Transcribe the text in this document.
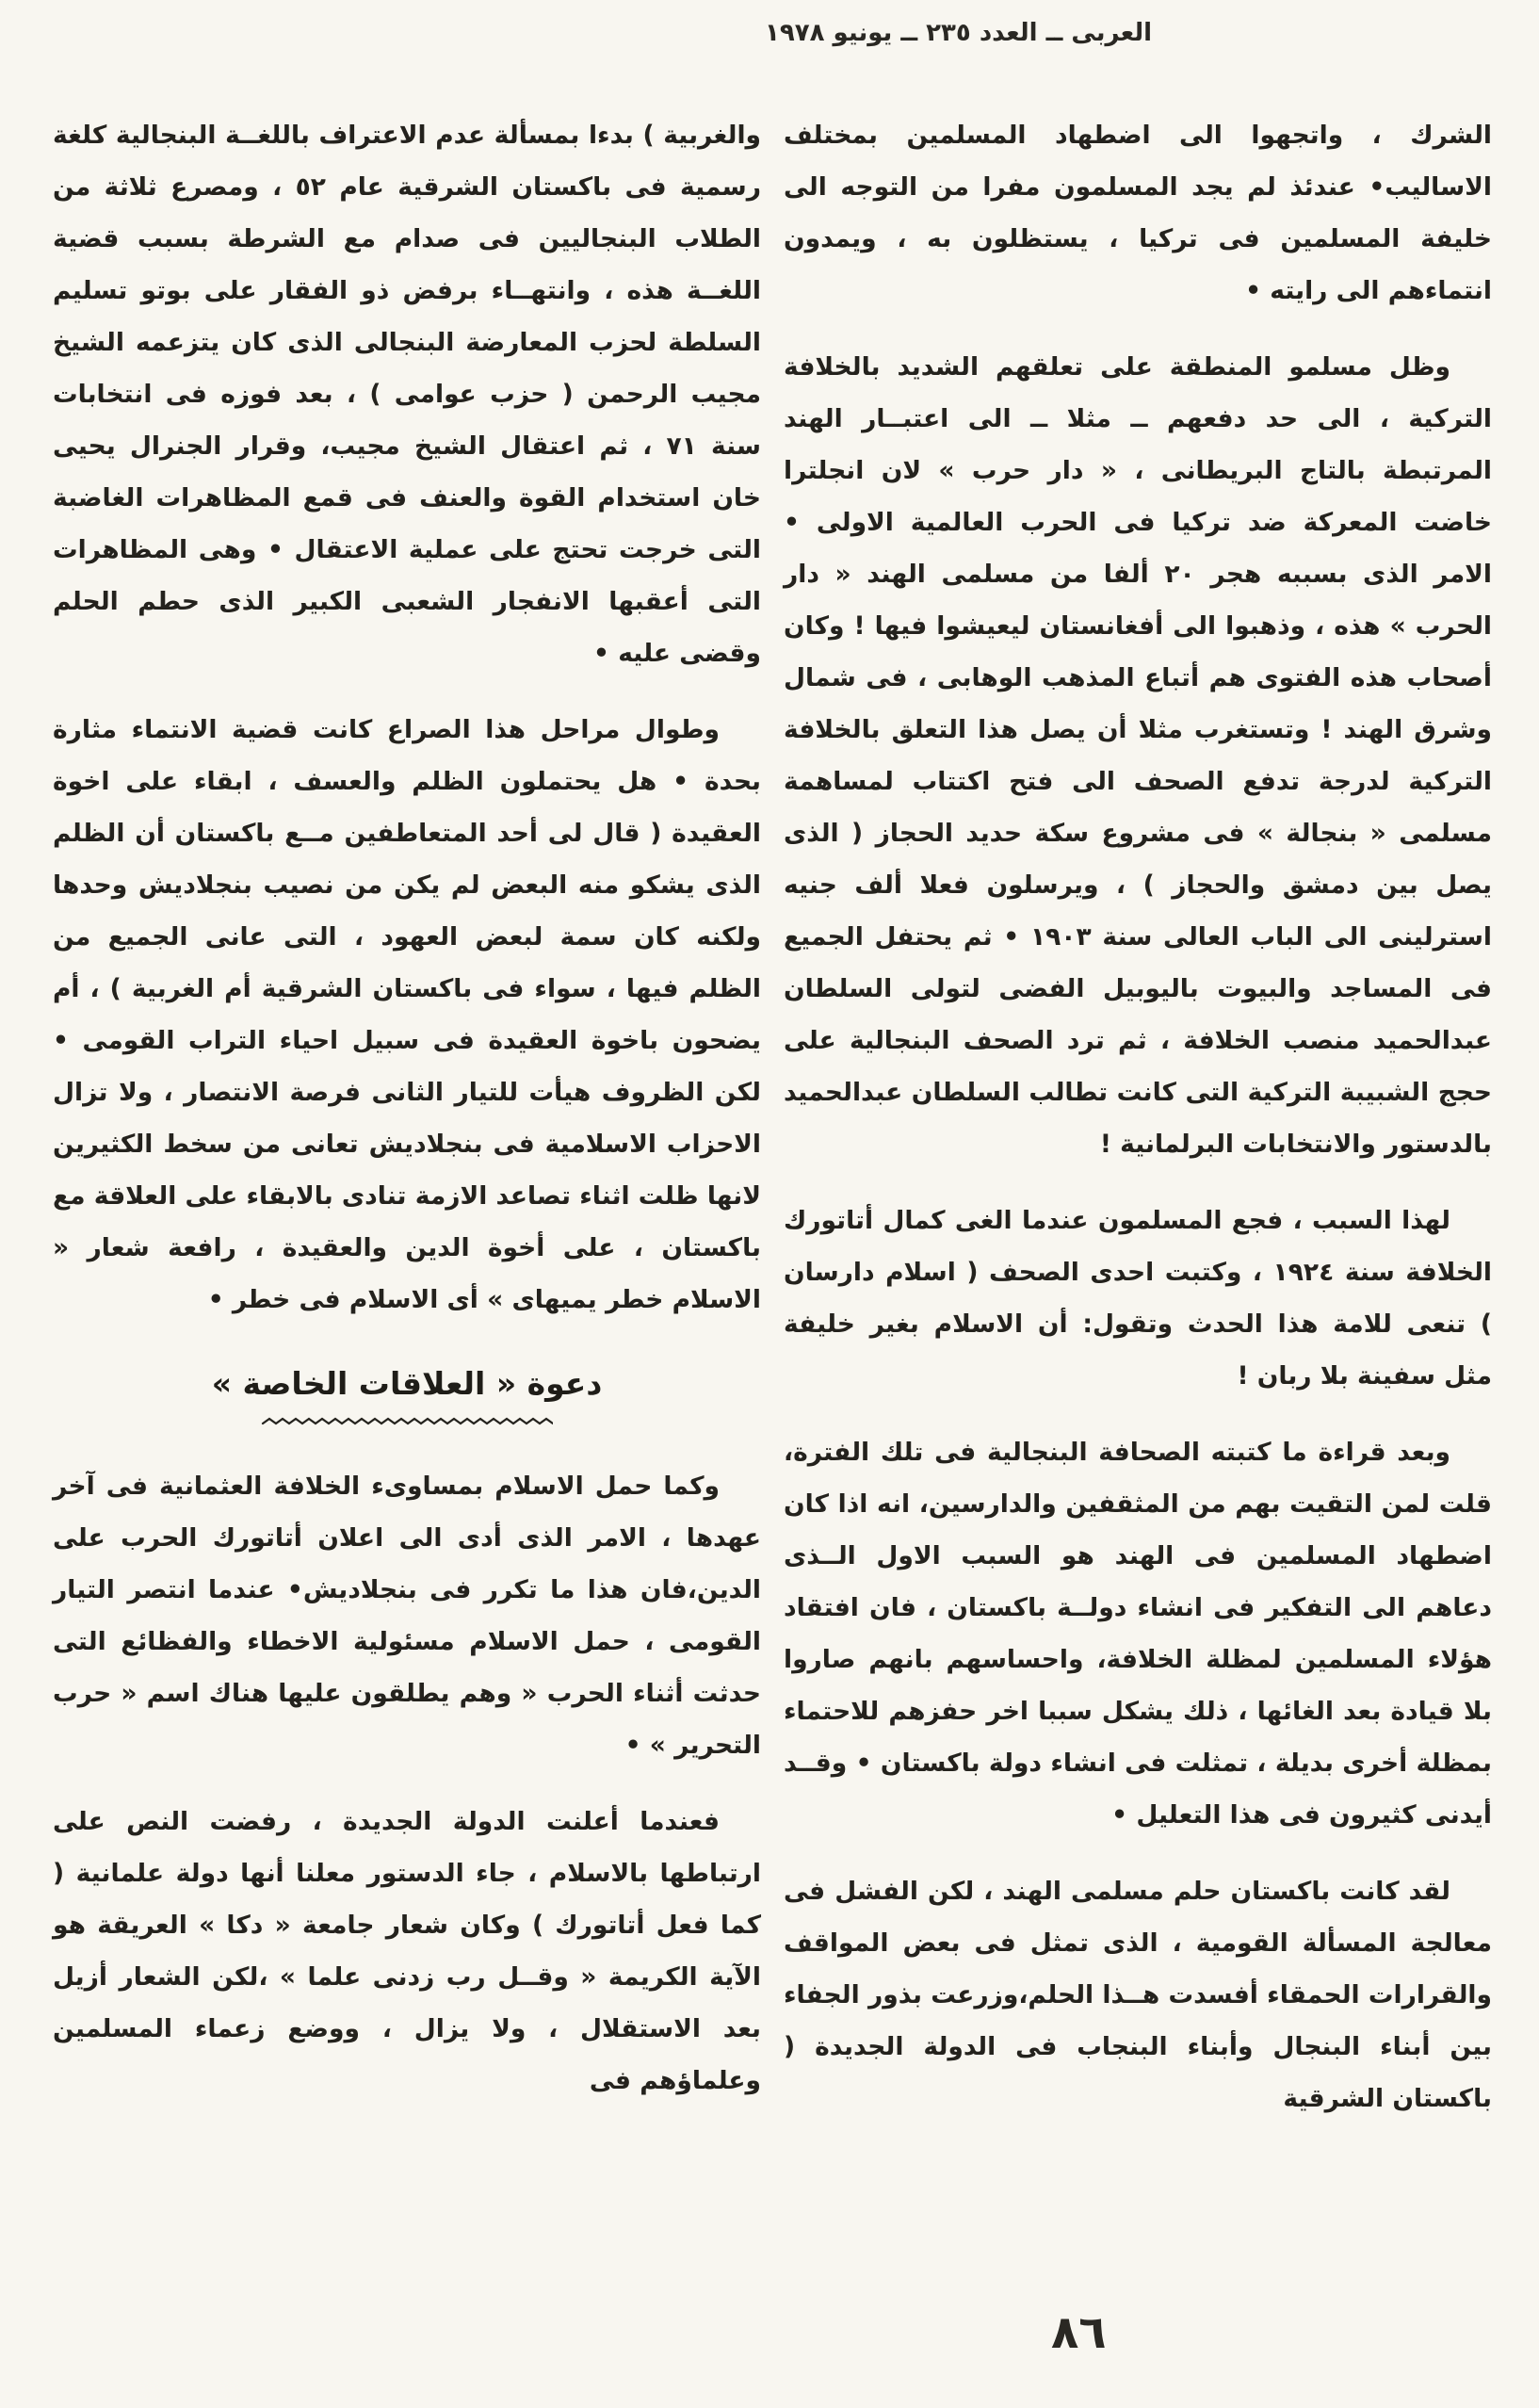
العربى ــ العدد ٢٣٥ ــ يونيو ١٩٧٨

الشرك ، واتجهوا الى اضطهاد المسلمين بمختلف الاساليب• عندئذ لم يجد المسلمون مفرا من التوجه الى خليفة المسلمين فى تركيا ، يستظلون به ، ويمدون انتماءهم الى رايته •

وظل مسلمو المنطقة على تعلقهم الشديد بالخلافة التركية ، الى حد دفعهم ــ مثلا ــ الى اعتبــار الهند المرتبطة بالتاج البريطانى ، « دار حرب » لان انجلترا خاضت المعركة ضد تركيا فى الحرب العالمية الاولى • الامر الذى بسببه هجر ٢٠ ألفا من مسلمى الهند « دار الحرب » هذه ، وذهبوا الى أفغانستان ليعيشوا فيها ! وكان أصحاب هذه الفتوى هم أتباع المذهب الوهابى ، فى شمال وشرق الهند ! وتستغرب مثلا أن يصل هذا التعلق بالخلافة التركية لدرجة تدفع الصحف الى فتح اكتتاب لمساهمة مسلمى « بنجالة » فى مشروع سكة حديد الحجاز ( الذى يصل بين دمشق والحجاز ) ، ويرسلون فعلا ألف جنيه استرلينى الى الباب العالى سنة ١٩٠٣ • ثم يحتفل الجميع فى المساجد والبيوت باليوبيل الفضى لتولى السلطان عبدالحميد منصب الخلافة ، ثم ترد الصحف البنجالية على حجج الشبيبة التركية التى كانت تطالب السلطان عبدالحميد بالدستور والانتخابات البرلمانية !

لهذا السبب ، فجع المسلمون عندما الغى كمال أتاتورك الخلافة سنة ١٩٢٤ ، وكتبت احدى الصحف ( اسلام دارسان ) تنعى للامة هذا الحدث وتقول: أن الاسلام بغير خليفة مثل سفينة بلا ربان !

وبعد قراءة ما كتبته الصحافة البنجالية فى تلك الفترة، قلت لمن التقيت بهم من المثقفين والدارسين، انه اذا كان اضطهاد المسلمين فى الهند هو السبب الاول الــذى دعاهم الى التفكير فى انشاء دولــة باكستان ، فان افتقاد هؤلاء المسلمين لمظلة الخلافة، واحساسهم بانهم صاروا بلا قيادة بعد الغائها ، ذلك يشكل سببا اخر حفزهم للاحتماء بمظلة أخرى بديلة ، تمثلت فى انشاء دولة باكستان • وقــد أيدنى كثيرون فى هذا التعليل •

لقد كانت باكستان حلم مسلمى الهند ، لكن الفشل فى معالجة المسألة القومية ، الذى تمثل فى بعض المواقف والقرارات الحمقاء أفسدت هــذا الحلم،وزرعت بذور الجفاء بين أبناء البنجال وأبناء البنجاب فى الدولة الجديدة ( باكستان الشرقية

والغربية ) بدءا بمسألة عدم الاعتراف باللغــة البنجالية كلغة رسمية فى باكستان الشرقية عام ٥٢ ، ومصرع ثلاثة من الطلاب البنجاليين فى صدام مع الشرطة بسبب قضية اللغــة هذه ، وانتهــاء برفض ذو الفقار على بوتو تسليم السلطة لحزب المعارضة البنجالى الذى كان يتزعمه الشيخ مجيب الرحمن ( حزب عوامى ) ، بعد فوزه فى انتخابات سنة ٧١ ، ثم اعتقال الشيخ مجيب، وقرار الجنرال يحيى خان استخدام القوة والعنف فى قمع المظاهرات الغاضبة التى خرجت تحتج على عملية الاعتقال • وهى المظاهرات التى أعقبها الانفجار الشعبى الكبير الذى حطم الحلم وقضى عليه •

وطوال مراحل هذا الصراع كانت قضية الانتماء مثارة بحدة • هل يحتملون الظلم والعسف ، ابقاء على اخوة العقيدة ( قال لى أحد المتعاطفين مــع باكستان أن الظلم الذى يشكو منه البعض لم يكن من نصيب بنجلاديش وحدها ولكنه كان سمة لبعض العهود ، التى عانى الجميع من الظلم فيها ، سواء فى باكستان الشرقية أم الغربية ) ، أم يضحون باخوة العقيدة فى سبيل احياء التراب القومى • لكن الظروف هيأت للتيار الثانى فرصة الانتصار ، ولا تزال الاحزاب الاسلامية فى بنجلاديش تعانى من سخط الكثيرين لانها ظلت اثناء تصاعد الازمة تنادى بالابقاء على العلاقة مع باكستان ، على أخوة الدين والعقيدة ، رافعة شعار « الاسلام خطر يميهاى » أى الاسلام فى خطر •

دعوة « العلاقات الخاصة »

وكما حمل الاسلام بمساوىء الخلافة العثمانية فى آخر عهدها ، الامر الذى أدى الى اعلان أتاتورك الحرب على الدين،فان هذا ما تكرر فى بنجلاديش• عندما انتصر التيار القومى ، حمل الاسلام مسئولية الاخطاء والفظائع التى حدثت أثناء الحرب « وهم يطلقون عليها هناك اسم « حرب التحرير » •

فعندما أعلنت الدولة الجديدة ، رفضت النص على ارتباطها بالاسلام ، جاء الدستور معلنا أنها دولة علمانية ( كما فعل أتاتورك ) وكان شعار جامعة « دكا » العريقة هو الآية الكريمة « وقــل رب زدنى علما » ،لكن الشعار أزيل بعد الاستقلال ، ولا يزال ، ووضع زعماء المسلمين وعلماؤهم فى

٨٦
